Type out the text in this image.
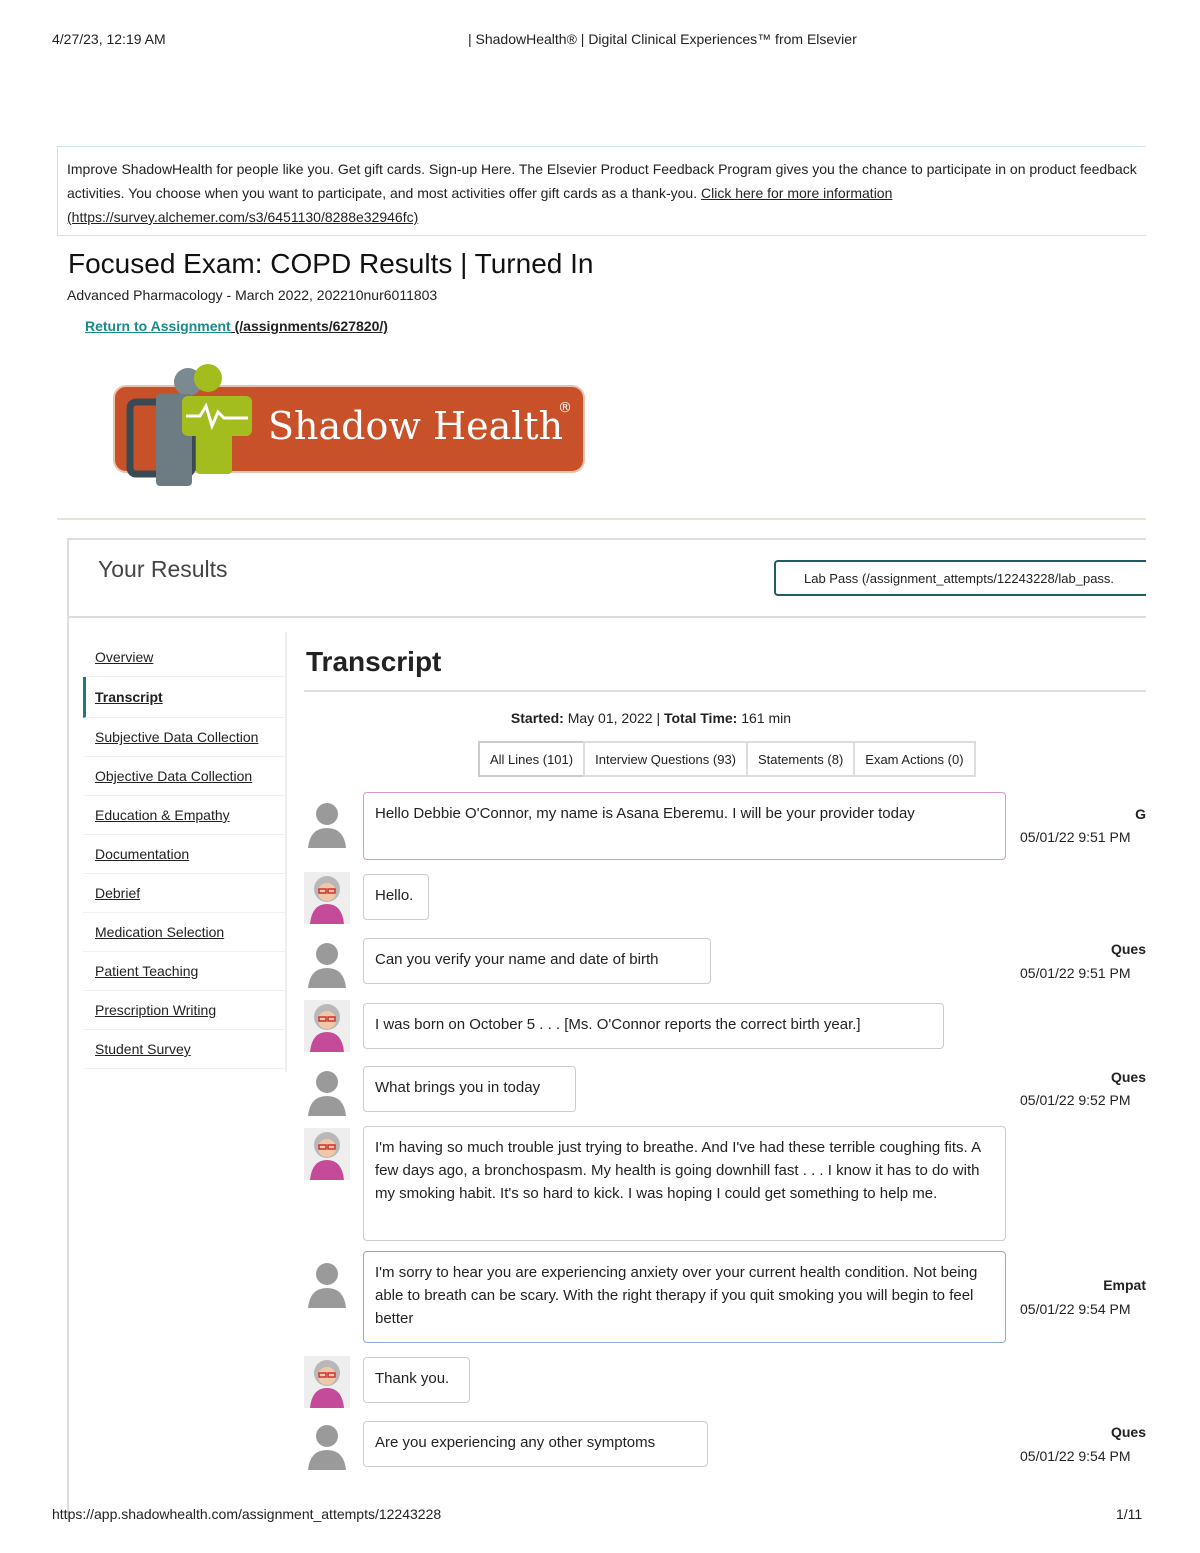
4/27/23, 12:19 AM	| ShadowHealth® | Digital Clinical Experiences™ from Elsevier
Improve ShadowHealth for people like you. Get gift cards. Sign-up Here. The Elsevier Product Feedback Program gives you the chance to participate in on product feedback activities. You choose when you want to participate, and most activities offer gift cards as a thank-you. Click here for more information (https://survey.alchemer.com/s3/6451130/8288e32946fc)
Focused Exam: COPD Results | Turned In
Advanced Pharmacology - March 2022, 202210nur6011803
Return to Assignment (/assignments/627820/)
Shadow Health
®
Your Results	Lab Pass (/assignment_attempts/12243228/lab_pass.
Overview
Transcript
Subjective Data Collection
Objective Data Collection
Education & Empathy
Documentation
Debrief
Medication Selection
Patient Teaching
Prescription Writing
Student Survey
Transcript
Started: May 01, 2022 | Total Time: 161 min
All Lines (101)	Interview Questions (93)	Statements (8)	Exam Actions (0)
Hello Debbie O'Connor, my name is Asana Eberemu. I will be your provider today	G
05/01/22 9:51 PM
Hello.
Can you verify your name and date of birth
Ques
05/01/22 9:51 PM
I was born on October 5 . . . [Ms. O'Connor reports the correct birth year.]
What brings you in today
Ques
05/01/22 9:52 PM
I'm having so much trouble just trying to breathe. And I've had these terrible coughing fits. A few days ago, a bronchospasm. My health is going downhill fast . . . I know it has to do with my smoking habit. It's so hard to kick. I was hoping I could get something to help me.
I'm sorry to hear you are experiencing anxiety over your current health condition. Not being able to breath can be scary. With the right therapy if you quit smoking you will begin to feel better
Empat
05/01/22 9:54 PM
Thank you.
Are you experiencing any other symptoms
Ques
05/01/22 9:54 PM
https://app.shadowhealth.com/assignment_attempts/12243228	1/11
